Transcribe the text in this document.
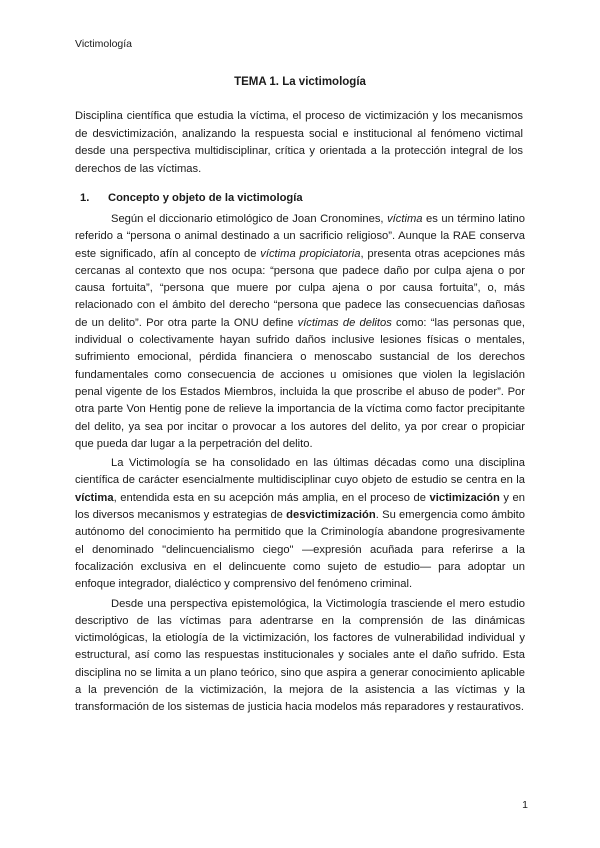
Victimología
TEMA 1. La victimología
Disciplina científica que estudia la víctima, el proceso de victimización y los mecanismos de desvictimización, analizando la respuesta social e institucional al fenómeno victimal desde una perspectiva multidisciplinar, crítica y orientada a la protección integral de los derechos de las víctimas.
1. Concepto y objeto de la victimología

Según el diccionario etimológico de Joan Cronomines, víctima es un término latino referido a “persona o animal destinado a un sacrificio religioso”. Aunque la RAE conserva este significado, afín al concepto de víctima propiciatoria, presenta otras acepciones más cercanas al contexto que nos ocupa: “persona que padece daño por culpa ajena o por causa fortuita”, “persona que muere por culpa ajena o por causa fortuita”, o, más relacionado con el ámbito del derecho “persona que padece las consecuencias dañosas de un delito”. Por otra parte la ONU define víctimas de delitos como: “las personas que, individual o colectivamente hayan sufrido daños inclusive lesiones físicas o mentales, sufrimiento emocional, pérdida financiera o menoscabo sustancial de los derechos fundamentales como consecuencia de acciones u omisiones que violen la legislación penal vigente de los Estados Miembros, incluida la que proscribe el abuso de poder”. Por otra parte Von Hentig pone de relieve la importancia de la víctima como factor precipitante del delito, ya sea por incitar o provocar a los autores del delito, ya por crear o propiciar que pueda dar lugar a la perpetración del delito.

La Victimología se ha consolidado en las últimas décadas como una disciplina científica de carácter esencialmente multidisciplinar cuyo objeto de estudio se centra en la víctima, entendida esta en su acepción más amplia, en el proceso de victimización y en los diversos mecanismos y estrategias de desvictimización. Su emergencia como ámbito autónomo del conocimiento ha permitido que la Criminología abandone progresivamente el denominado "delincuencialismo ciego" —expresión acuñada para referirse a la focalización exclusiva en el delincuente como sujeto de estudio— para adoptar un enfoque integrador, dialéctico y comprensivo del fenómeno criminal.

Desde una perspectiva epistemológica, la Victimología trasciende el mero estudio descriptivo de las víctimas para adentrarse en la comprensión de las dinámicas victimológicas, la etiología de la victimización, los factores de vulnerabilidad individual y estructural, así como las respuestas institucionales y sociales ante el daño sufrido. Esta disciplina no se limita a un plano teórico, sino que aspira a generar conocimiento aplicable a la prevención de la victimización, la mejora de la asistencia a las víctimas y la transformación de los sistemas de justicia hacia modelos más reparadores y restaurativos.

1
